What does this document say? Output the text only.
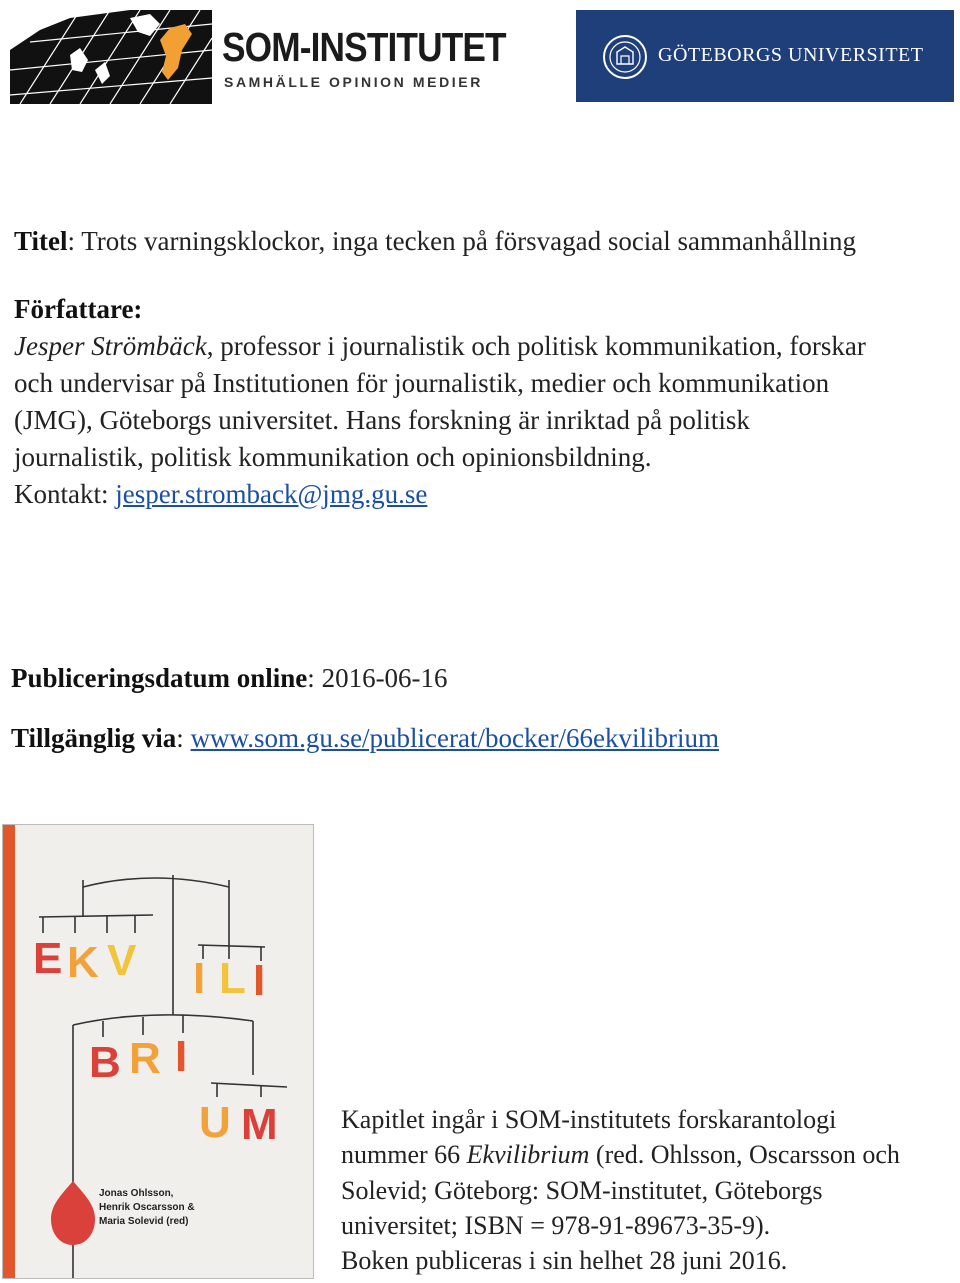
SOM-INSTITUTET
SAMHÄLLE OPINION MEDIER
GÖTEBORGS UNIVERSITET
Titel: Trots varningsklockor, inga tecken på försvagad social sammanhållning
Författare:
Jesper Strömbäck, professor i journalistik och politisk kommunikation, forskar
och undervisar på Institutionen för journalistik, medier och kommunikation
(JMG), Göteborgs universitet. Hans forskning är inriktad på politisk
journalistik, politisk kommunikation och opinionsbildning.
Kontakt: jesper.stromback@jmg.gu.se
Publiceringsdatum online: 2016-06-16
Tillgänglig via: www.som.gu.se/publicerat/bocker/66ekvilibrium
E K V I L I
B R I
U M
Jonas Ohlsson,
Henrik Oscarsson &
Maria Solevid (red)
Kapitlet ingår i SOM-institutets forskarantologi
nummer 66 Ekvilibrium (red. Ohlsson, Oscarsson och
Solevid; Göteborg: SOM-institutet, Göteborgs
universitet; ISBN = 978-91-89673-35-9).
Boken publiceras i sin helhet 28 juni 2016.
